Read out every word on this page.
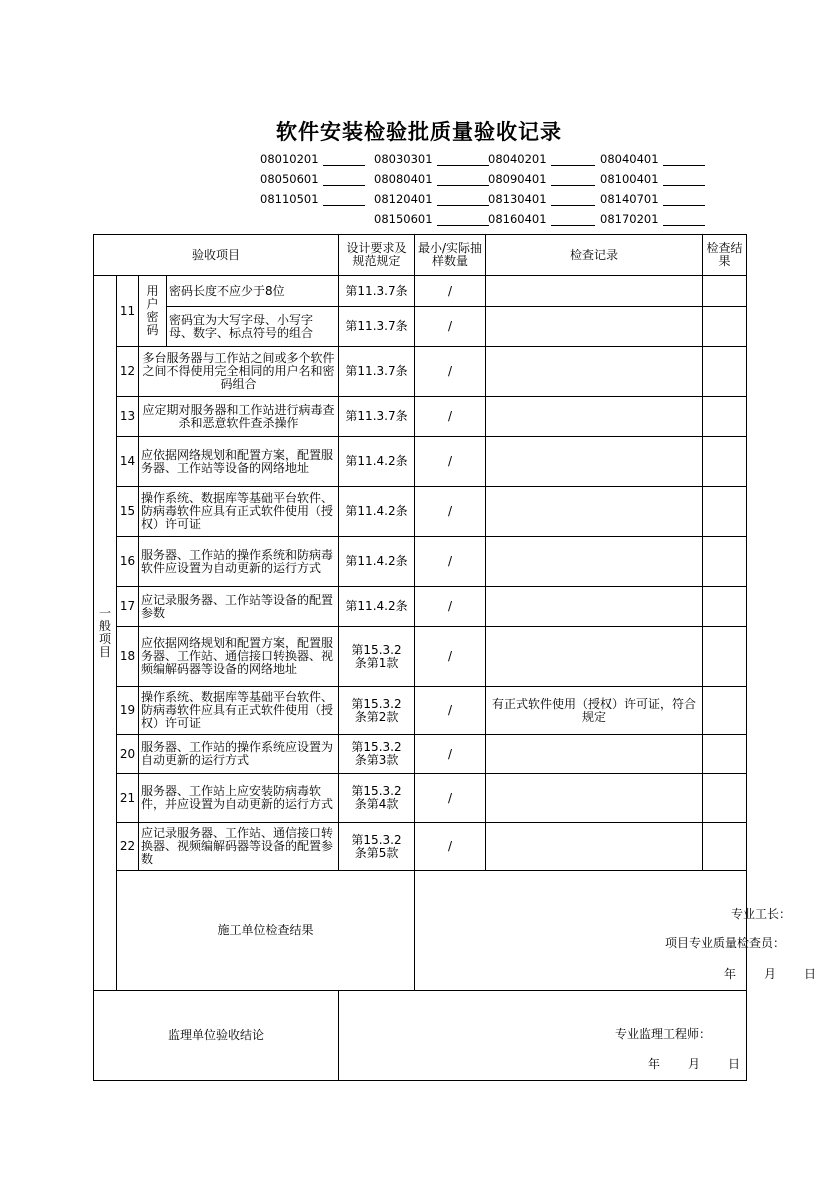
软件安装检验批质量验收记录
08010201	08030301	08040201	08040401
08050601	08080401	08090401	08100401
08110501	08120401	08130401	08140701
08150601	08160401	08170201
验收项目				设计要求及规范规定	最小/实际抽样数量	检查记录	检查结果
一般项目	11	用户密码	密码长度不应少于8位	第11.3.7条	/		
			密码宜为大写字母、小写字母、数字、标点符号的组合	第11.3.7条	/		
	12	多台服务器与工作站之间或多个软件之间不得使用完全相同的用户名和密码组合		第11.3.7条	/		
	13	应定期对服务器和工作站进行病毒查杀和恶意软件查杀操作		第11.3.7条	/		
	14	应依据网络规划和配置方案，配置服务器、工作站等设备的网络地址		第11.4.2条	/		
	15	操作系统、数据库等基础平台软件、防病毒软件应具有正式软件使用（授权）许可证		第11.4.2条	/		
	16	服务器、工作站的操作系统和防病毒软件应设置为自动更新的运行方式		第11.4.2条	/		
	17	应记录服务器、工作站等设备的配置参数		第11.4.2条	/		
	18	应依据网络规划和配置方案，配置服务器、工作站、通信接口转换器、视频编解码器等设备的网络地址		第15.3.2条第1款	/		
	19	操作系统、数据库等基础平台软件、防病毒软件应具有正式软件使用（授权）许可证		第15.3.2条第2款	/	有正式软件使用（授权）许可证，符合规定	
	20	服务器、工作站的操作系统应设置为自动更新的运行方式		第15.3.2条第3款	/		
	21	服务器、工作站上应安装防病毒软件，并应设置为自动更新的运行方式		第15.3.2条第4款	/		
	22	应记录服务器、工作站、通信接口转换器、视频编解码器等设备的配置参数		第15.3.2条第5款	/		
	施工单位检查结果				专业工长：
项目专业质量检查员：
年 月 日		

监理单位验收结论				专业监理工程师：
年 月 日			
